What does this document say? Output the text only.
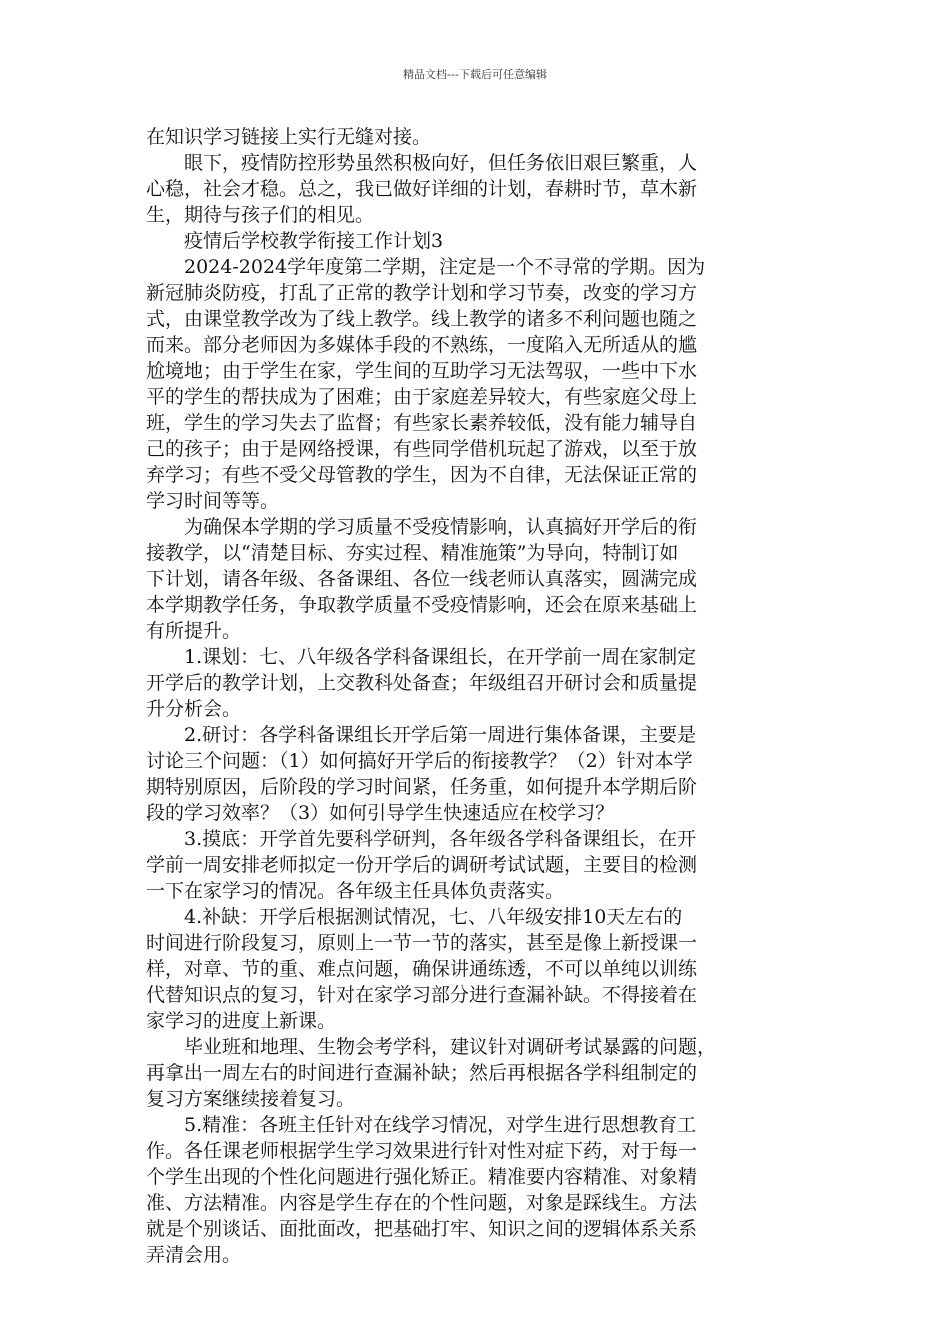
精品文档---下载后可任意编辑
在知识学习链接上实行无缝对接。
　　眼下，疫情防控形势虽然积极向好，但任务依旧艰巨繁重，人
心稳，社会才稳。总之，我已做好详细的计划，春耕时节，草木新
生，期待与孩子们的相见。
　　疫情后学校教学衔接工作计划3
　　2024-2024学年度第二学期，注定是一个不寻常的学期。因为
新冠肺炎防疫，打乱了正常的教学计划和学习节奏，改变的学习方
式，由课堂教学改为了线上教学。线上教学的诸多不利问题也随之
而来。部分老师因为多媒体手段的不熟练，一度陷入无所适从的尴
尬境地；由于学生在家，学生间的互助学习无法驾驭，一些中下水
平的学生的帮扶成为了困难；由于家庭差异较大，有些家庭父母上
班，学生的学习失去了监督；有些家长素养较低，没有能力辅导自
己的孩子；由于是网络授课，有些同学借机玩起了游戏，以至于放
弃学习；有些不受父母管教的学生，因为不自律，无法保证正常的
学习时间等等。
　　为确保本学期的学习质量不受疫情影响，认真搞好开学后的衔
接教学，以“清楚目标、夯实过程、精准施策”为导向，特制订如
下计划，请各年级、各备课组、各位一线老师认真落实，圆满完成
本学期教学任务，争取教学质量不受疫情影响，还会在原来基础上
有所提升。
　　1.课划：七、八年级各学科备课组长，在开学前一周在家制定
开学后的教学计划，上交教科处备查；年级组召开研讨会和质量提
升分析会。
　　2.研讨：各学科备课组长开学后第一周进行集体备课，主要是
讨论三个问题：（1）如何搞好开学后的衔接教学？（2）针对本学
期特别原因，后阶段的学习时间紧，任务重，如何提升本学期后阶
段的学习效率？（3）如何引导学生快速适应在校学习？
　　3.摸底：开学首先要科学研判，各年级各学科备课组长，在开
学前一周安排老师拟定一份开学后的调研考试试题，主要目的检测
一下在家学习的情况。各年级主任具体负责落实。
　　4.补缺：开学后根据测试情况，七、八年级安排10天左右的
时间进行阶段复习，原则上一节一节的落实，甚至是像上新授课一
样，对章、节的重、难点问题，确保讲通练透，不可以单纯以训练
代替知识点的复习，针对在家学习部分进行查漏补缺。不得接着在
家学习的进度上新课。
　　毕业班和地理、生物会考学科，建议针对调研考试暴露的问题，
再拿出一周左右的时间进行查漏补缺；然后再根据各学科组制定的
复习方案继续接着复习。
　　5.精准：各班主任针对在线学习情况，对学生进行思想教育工
作。各任课老师根据学生学习效果进行针对性对症下药，对于每一
个学生出现的个性化问题进行强化矫正。精准要内容精准、对象精
准、方法精准。内容是学生存在的个性问题，对象是踩线生。方法
就是个别谈话、面批面改，把基础打牢、知识之间的逻辑体系关系
弄清会用。
